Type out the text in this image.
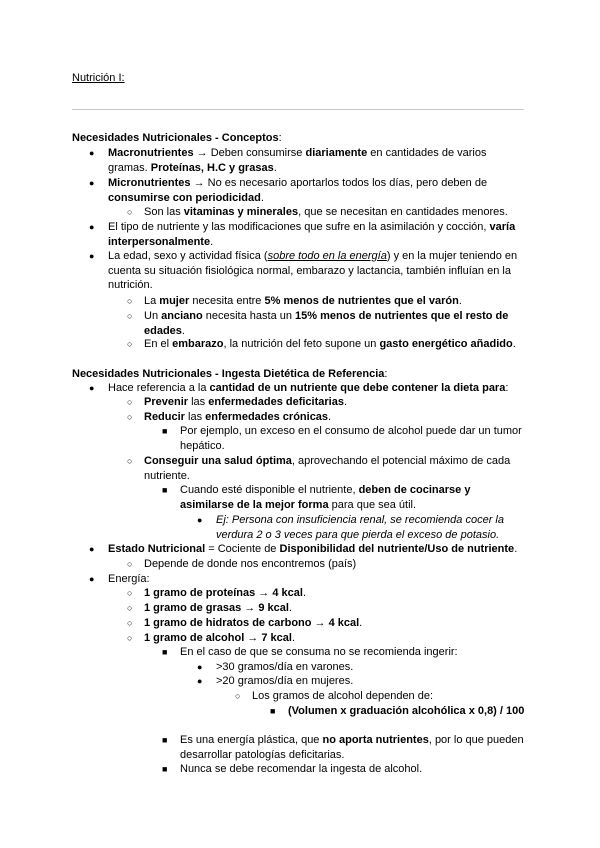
Nutrición I:
Necesidades Nutricionales - Conceptos:
● Macronutrientes → Deben consumirse diariamente en cantidades de varios gramas. Proteínas, H.C y grasas.
● Micronutrientes → No es necesario aportarlos todos los días, pero deben de consumirse con periodicidad.
○ Son las vitaminas y minerales, que se necesitan en cantidades menores.
● El tipo de nutriente y las modificaciones que sufre en la asimilación y cocción, varía interpersonalmente.
● La edad, sexo y actividad física (sobre todo en la energía) y en la mujer teniendo en cuenta su situación fisiológica normal, embarazo y lactancia, también influían en la nutrición.
○ La mujer necesita entre 5% menos de nutrientes que el varón.
○ Un anciano necesita hasta un 15% menos de nutrientes que el resto de edades.
○ En el embarazo, la nutrición del feto supone un gasto energético añadido.
Necesidades Nutricionales - Ingesta Dietética de Referencia:
● Hace referencia a la cantidad de un nutriente que debe contener la dieta para:
○ Prevenir las enfermedades deficitarias.
○ Reducir las enfermedades crónicas.
■ Por ejemplo, un exceso en el consumo de alcohol puede dar un tumor hepático.
○ Conseguir una salud óptima, aprovechando el potencial máximo de cada nutriente.
■ Cuando esté disponible el nutriente, deben de cocinarse y asimilarse de la mejor forma para que sea útil.
● Ej: Persona con insuficiencia renal, se recomienda cocer la verdura 2 o 3 veces para que pierda el exceso de potasio.
● Estado Nutricional = Cociente de Disponibilidad del nutriente/Uso de nutriente.
○ Depende de donde nos encontremos (país)
● Energía:
○ 1 gramo de proteínas → 4 kcal.
○ 1 gramo de grasas → 9 kcal.
○ 1 gramo de hidratos de carbono → 4 kcal.
○ 1 gramo de alcohol → 7 kcal.
■ En el caso de que se consuma no se recomienda ingerir:
● >30 gramos/día en varones.
● >20 gramos/día en mujeres.
○ Los gramos de alcohol dependen de:
■ (Volumen x graduación alcohólica x 0,8) / 100
■ Es una energía plástica, que no aporta nutrientes, por lo que pueden desarrollar patologías deficitarias.
■ Nunca se debe recomendar la ingesta de alcohol.
